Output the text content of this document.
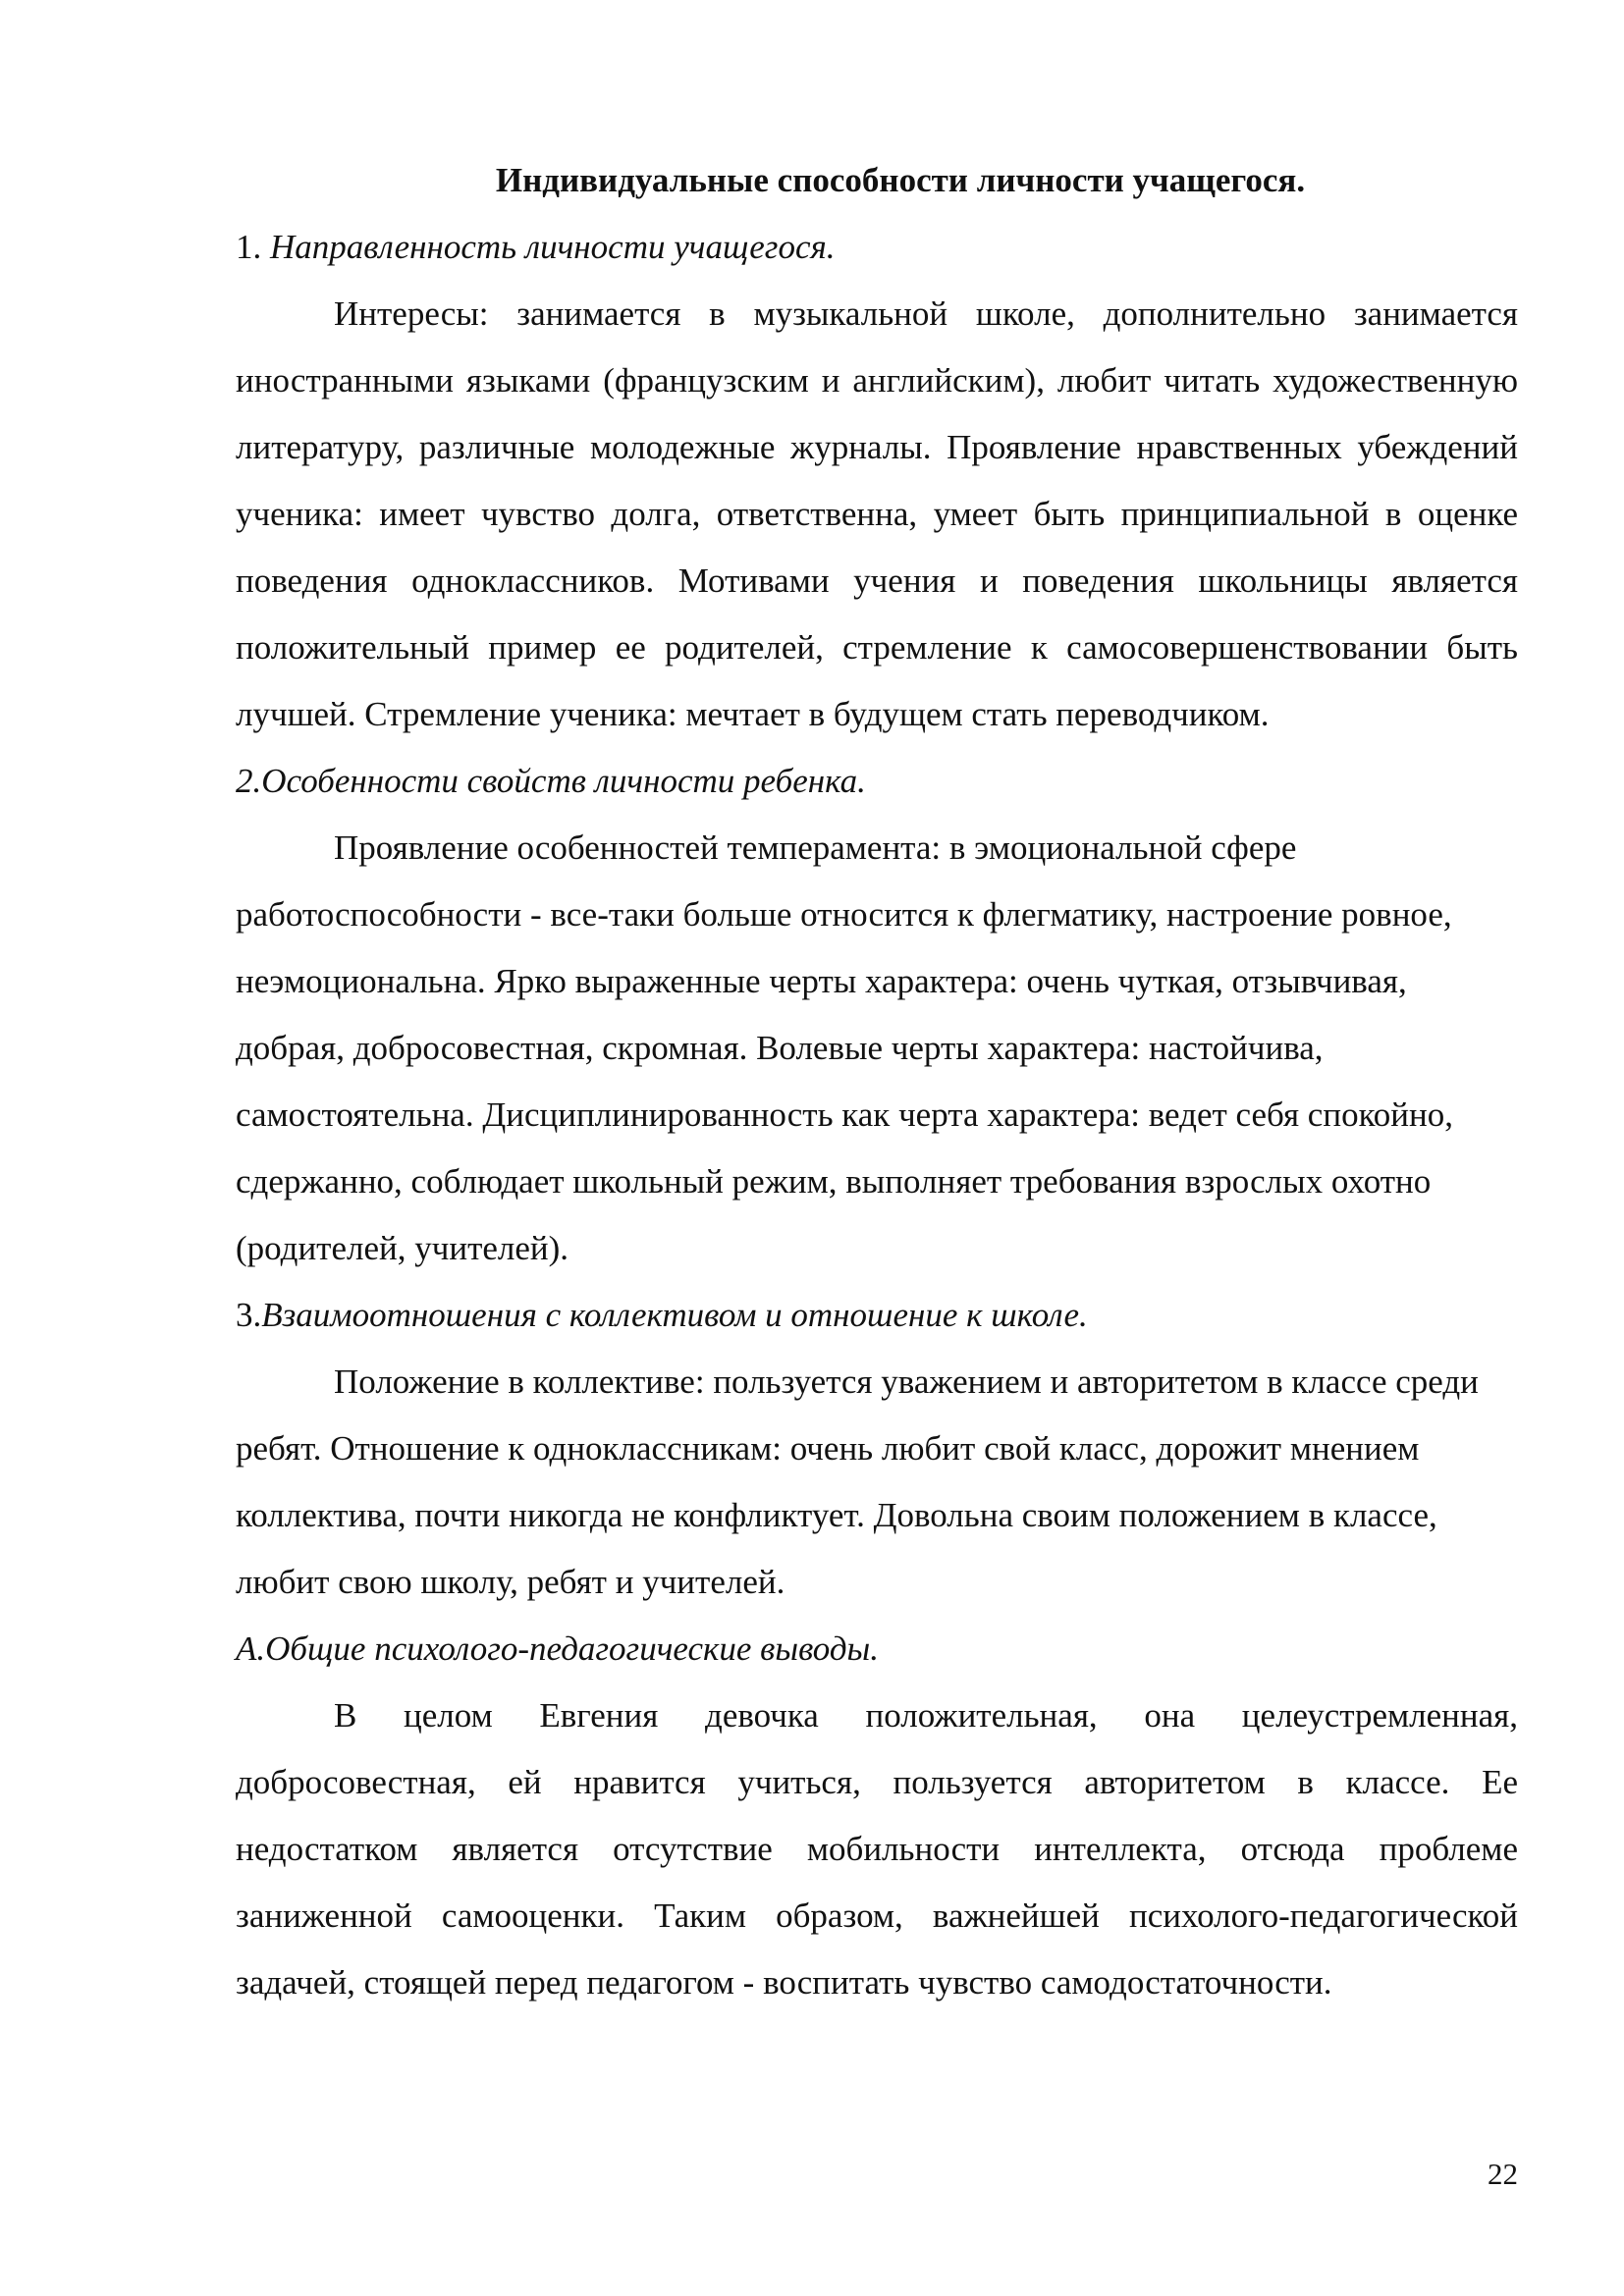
Индивидуальные способности личности учащегося.

1. Направленность личности учащегося.

Интересы: занимается в музыкальной школе, дополнительно занимается иностранными языками (французским и английским), любит читать художественную литературу, различные молодежные журналы. Проявление нравственных убеждений ученика: имеет чувство долга, ответственна, умеет быть принципиальной в оценке поведения одноклассников. Мотивами учения и поведения школьницы является положительный пример ее родителей, стремление к самосовершенствовании быть лучшей. Стремление ученика: мечтает в будущем стать переводчиком.

2.Особенности свойств личности ребенка.

Проявление особенностей темперамента: в эмоциональной сфере работоспособности - все-таки больше относится к флегматику, настроение ровное, неэмоциональна. Ярко выраженные черты характера: очень чуткая, отзывчивая, добрая, добросовестная, скромная. Волевые черты характера: настойчива, самостоятельна. Дисциплинированность как черта характера: ведет себя спокойно, сдержанно, соблюдает школьный режим, выполняет требования взрослых охотно (родителей, учителей).

3.Взаимоотношения с коллективом и отношение к школе.

Положение в коллективе: пользуется уважением и авторитетом в классе среди ребят. Отношение к одноклассникам: очень любит свой класс, дорожит мнением коллектива, почти никогда не конфликтует. Довольна своим положением в классе, любит свою школу, ребят и учителей.

А.Общие психолого-педагогические выводы.

В целом Евгения девочка положительная, она целеустремленная, добросовестная, ей нравится учиться, пользуется авторитетом в классе. Ее недостатком является отсутствие мобильности интеллекта, отсюда проблеме заниженной самооценки. Таким образом, важнейшей психолого-педагогической задачей, стоящей перед педагогом - воспитать чувство самодостаточности.

22
